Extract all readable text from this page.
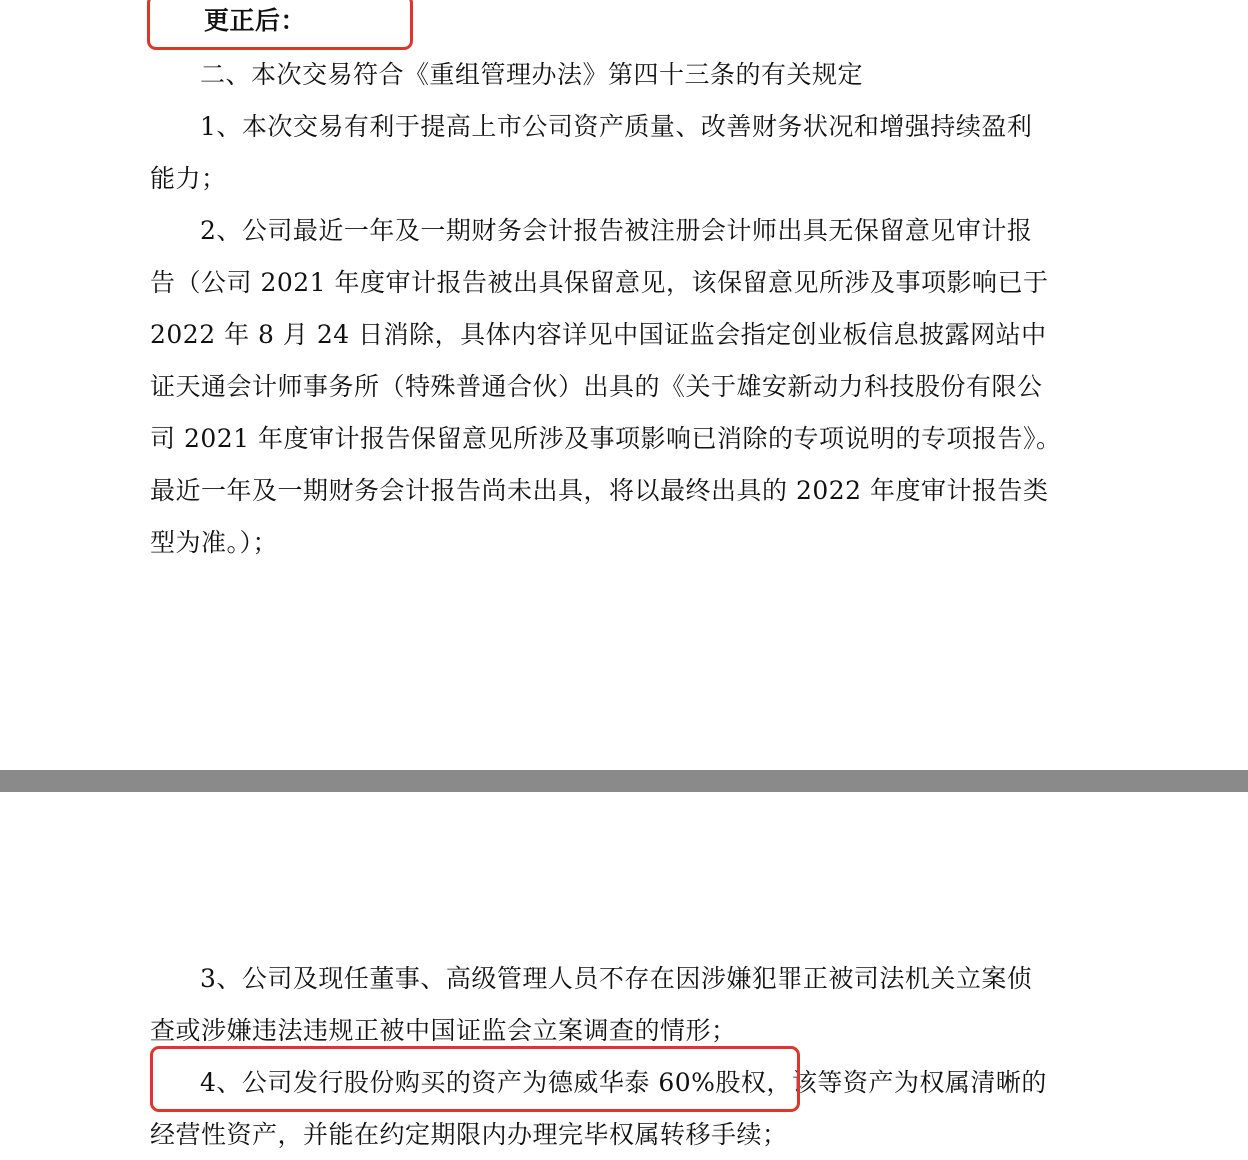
更正后：
二、本次交易符合《重组管理办法》第四十三条的有关规定
1、本次交易有利于提高上市公司资产质量、改善财务状况和增强持续盈利
能力；
2、公司最近一年及一期财务会计报告被注册会计师出具无保留意见审计报
告（公司 2021 年度审计报告被出具保留意见，该保留意见所涉及事项影响已于
2022 年 8 月 24 日消除，具体内容详见中国证监会指定创业板信息披露网站中
证天通会计师事务所（特殊普通合伙）出具的《关于雄安新动力科技股份有限公
司 2021 年度审计报告保留意见所涉及事项影响已消除的专项说明的专项报告》。
最近一年及一期财务会计报告尚未出具，将以最终出具的 2022 年度审计报告类
型为准。）；
3、公司及现任董事、高级管理人员不存在因涉嫌犯罪正被司法机关立案侦
查或涉嫌违法违规正被中国证监会立案调查的情形；
4、公司发行股份购买的资产为德威华泰 60%股权，该等资产为权属清晰的
经营性资产，并能在约定期限内办理完毕权属转移手续；
